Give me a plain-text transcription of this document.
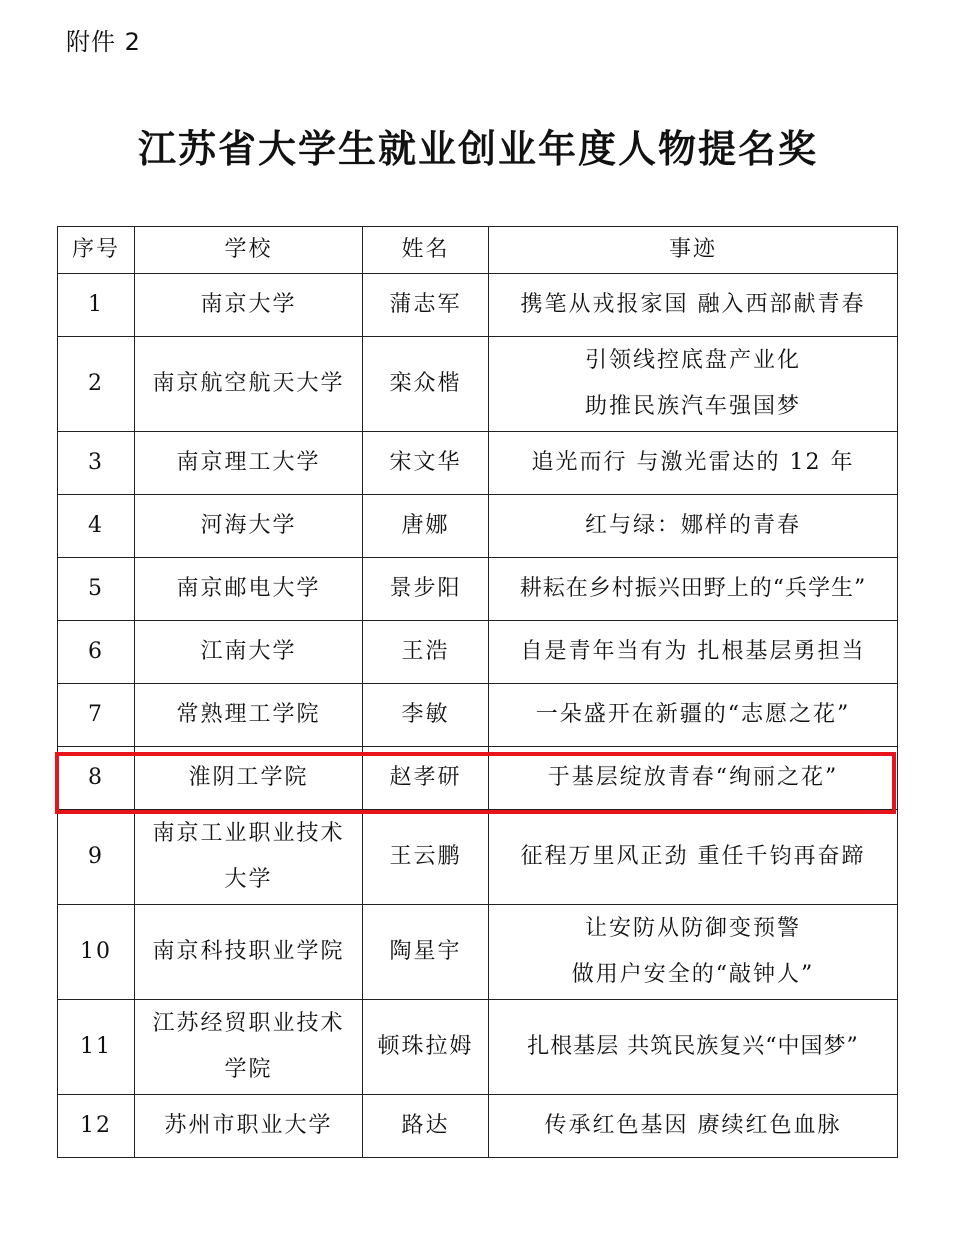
附件 2
江苏省大学生就业创业年度人物提名奖
序号	学校	姓名	事迹
1	南京大学	蒲志军	携笔从戎报家国 融入西部献青春
2	南京航空航天大学	栾众楷	引领线控底盘产业化
助推民族汽车强国梦

3	南京理工大学	宋文华	追光而行 与激光雷达的 12 年
4	河海大学	唐娜	红与绿：娜样的青春
5	南京邮电大学	景步阳	耕耘在乡村振兴田野上的“兵学生”
6	江南大学	王浩	自是青年当有为 扎根基层勇担当
7	常熟理工学院	李敏	一朵盛开在新疆的“志愿之花”
8	淮阴工学院	赵孝研	于基层绽放青春“绚丽之花”
9	南京工业职业技术
大学	王云鹏	征程万里风正劲 重任千钧再奋蹄
10	南京科技职业学院	陶星宇	让安防从防御变预警
做用户安全的“敲钟人”

11	江苏经贸职业技术
学院	顿珠拉姆	扎根基层 共筑民族复兴“中国梦”
12	苏州市职业大学	路达	传承红色基因 赓续红色血脉
